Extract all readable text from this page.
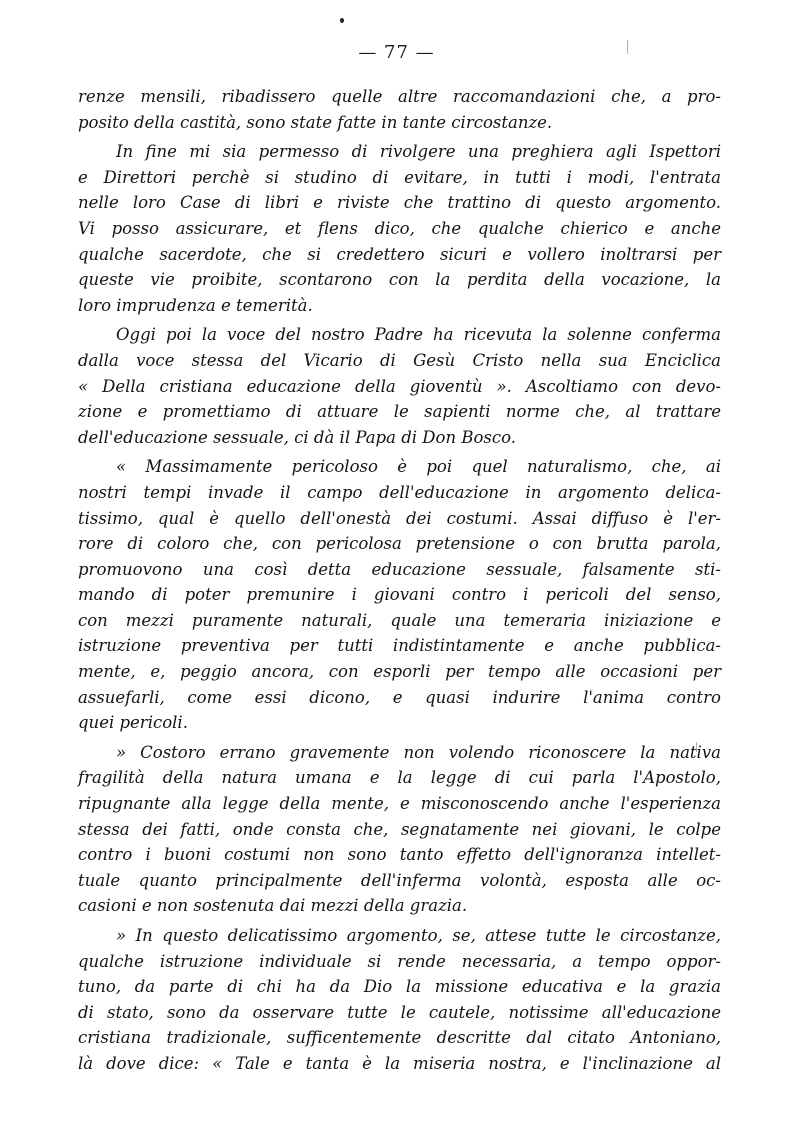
— 77 —
renze mensili, ribadissero quelle altre raccomandazioni che, a pro-
posito della castità, sono state fatte in tante circostanze.
In fine mi sia permesso di rivolgere una preghiera agli Ispettori
e Direttori perchè si studino di evitare, in tutti i modi, l'entrata
nelle loro Case di libri e riviste che trattino di questo argomento.
Vi posso assicurare, et flens dico, che qualche chierico e anche
qualche sacerdote, che si credettero sicuri e vollero inoltrarsi per
queste vie proibite, scontarono con la perdita della vocazione, la
loro imprudenza e temerità.
Oggi poi la voce del nostro Padre ha ricevuta la solenne conferma
dalla voce stessa del Vicario di Gesù Cristo nella sua Enciclica
« Della cristiana educazione della gioventù ». Ascoltiamo con devo-
zione e promettiamo di attuare le sapienti norme che, al trattare
dell'educazione sessuale, ci dà il Papa di Don Bosco.
« Massimamente pericoloso è poi quel naturalismo, che, ai
nostri tempi invade il campo dell'educazione in argomento delica-
tissimo, qual è quello dell'onestà dei costumi. Assai diffuso è l'er-
rore di coloro che, con pericolosa pretensione o con brutta parola,
promuovono una così detta educazione sessuale, falsamente sti-
mando di poter premunire i giovani contro i pericoli del senso,
con mezzi puramente naturali, quale una temeraria iniziazione e
istruzione preventiva per tutti indistintamente e anche pubblica-
mente, e, peggio ancora, con esporli per tempo alle occasioni per
assuefarli, come essi dicono, e quasi indurire l'anima contro
quei pericoli.
» Costoro errano gravemente non volendo riconoscere la nativa
fragilità della natura umana e la legge di cui parla l'Apostolo,
ripugnante alla legge della mente, e misconoscendo anche l'esperienza
stessa dei fatti, onde consta che, segnatamente nei giovani, le colpe
contro i buoni costumi non sono tanto effetto dell'ignoranza intellet-
tuale quanto principalmente dell'inferma volontà, esposta alle oc-
casioni e non sostenuta dai mezzi della grazia.
» In questo delicatissimo argomento, se, attese tutte le circostanze,
qualche istruzione individuale si rende necessaria, a tempo oppor-
tuno, da parte di chi ha da Dio la missione educativa e la grazia
di stato, sono da osservare tutte le cautele, notissime all'educazione
cristiana tradizionale, sufficentemente descritte dal citato Antoniano,
là dove dice: « Tale e tanta è la miseria nostra, e l'inclinazione al
